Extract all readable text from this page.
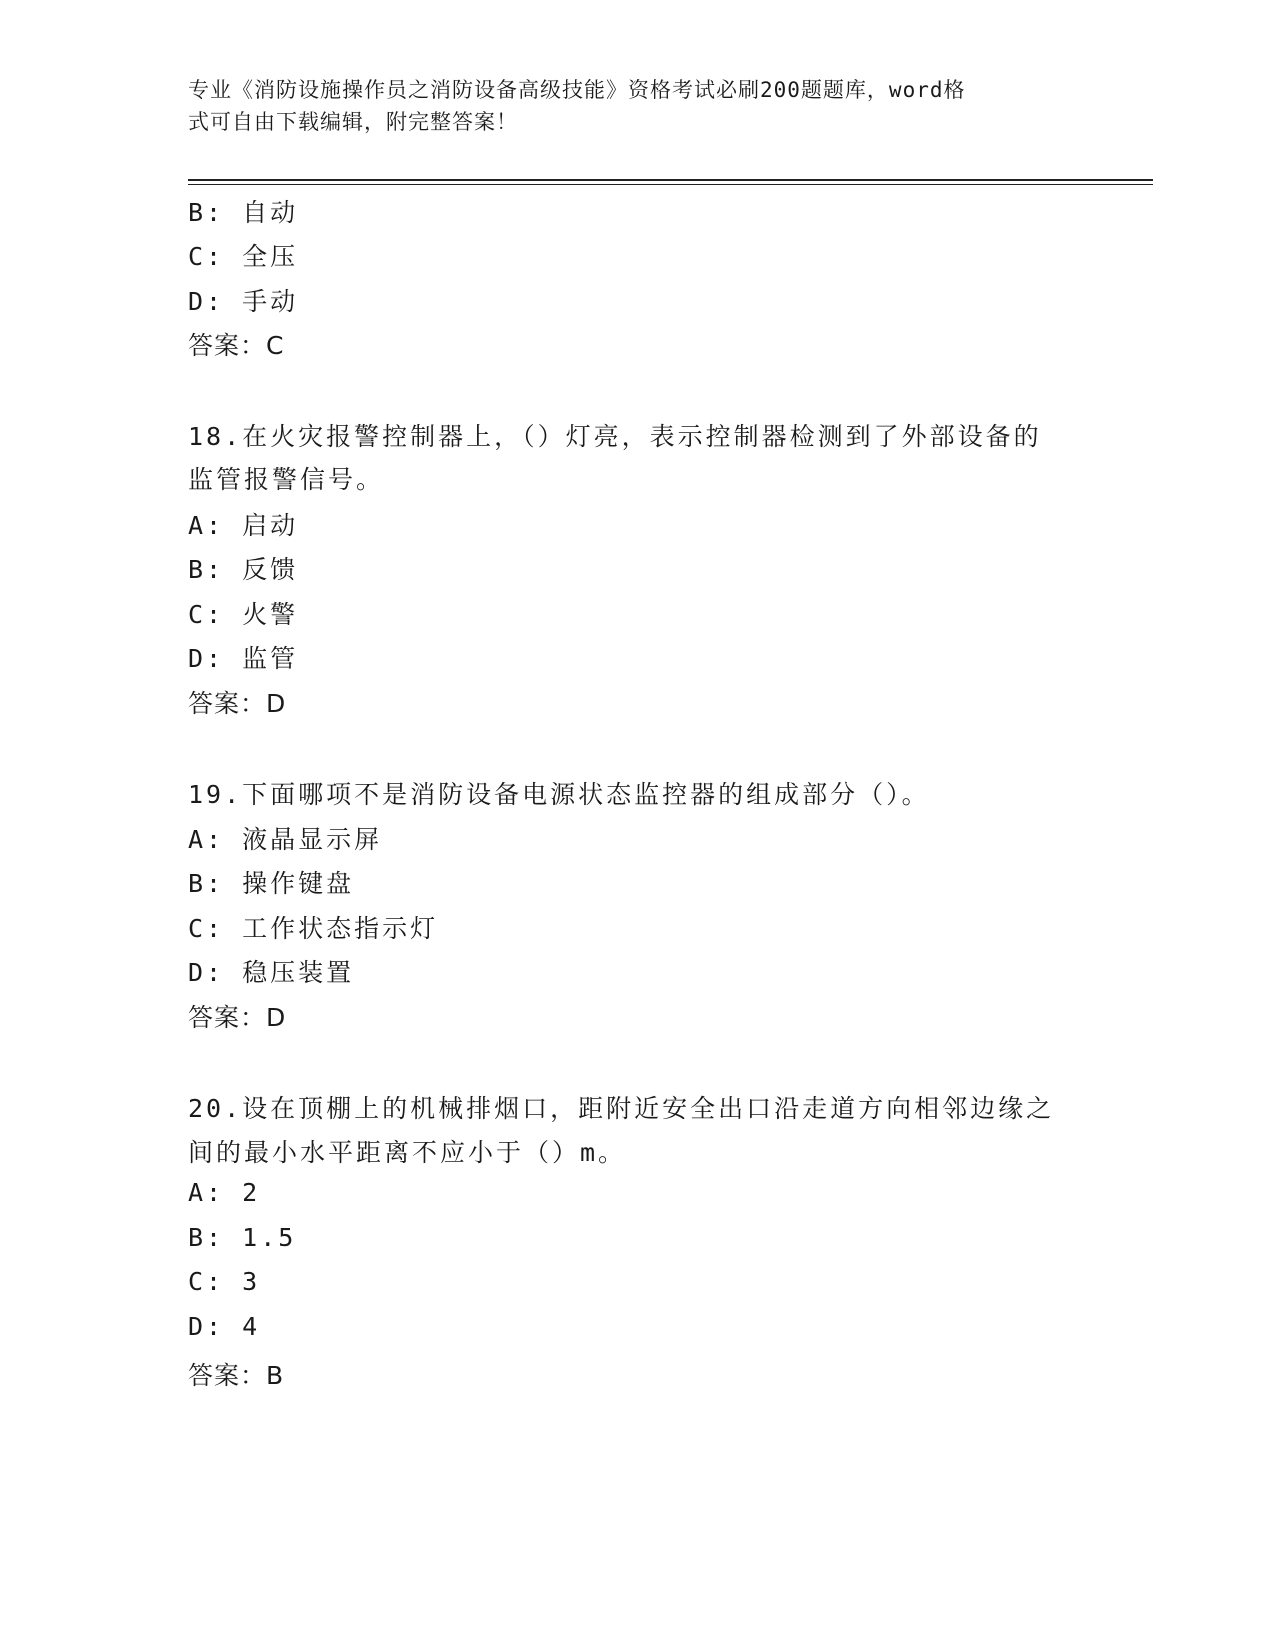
专业《消防设施操作员之消防设备高级技能》资格考试必刷200题题库，word格
式可自由下载编辑，附完整答案！
B: 自动
C: 全压
D: 手动
答案：C
18.在火灾报警控制器上，（）灯亮，表示控制器检测到了外部设备的
监管报警信号。
A: 启动
B: 反馈
C: 火警
D: 监管
答案：D
19.下面哪项不是消防设备电源状态监控器的组成部分（）。
A: 液晶显示屏
B: 操作键盘
C: 工作状态指示灯
D: 稳压装置
答案：D
20.设在顶棚上的机械排烟口，距附近安全出口沿走道方向相邻边缘之
间的最小水平距离不应小于（）m。
A: 2
B: 1.5
C: 3
D: 4
答案：B
